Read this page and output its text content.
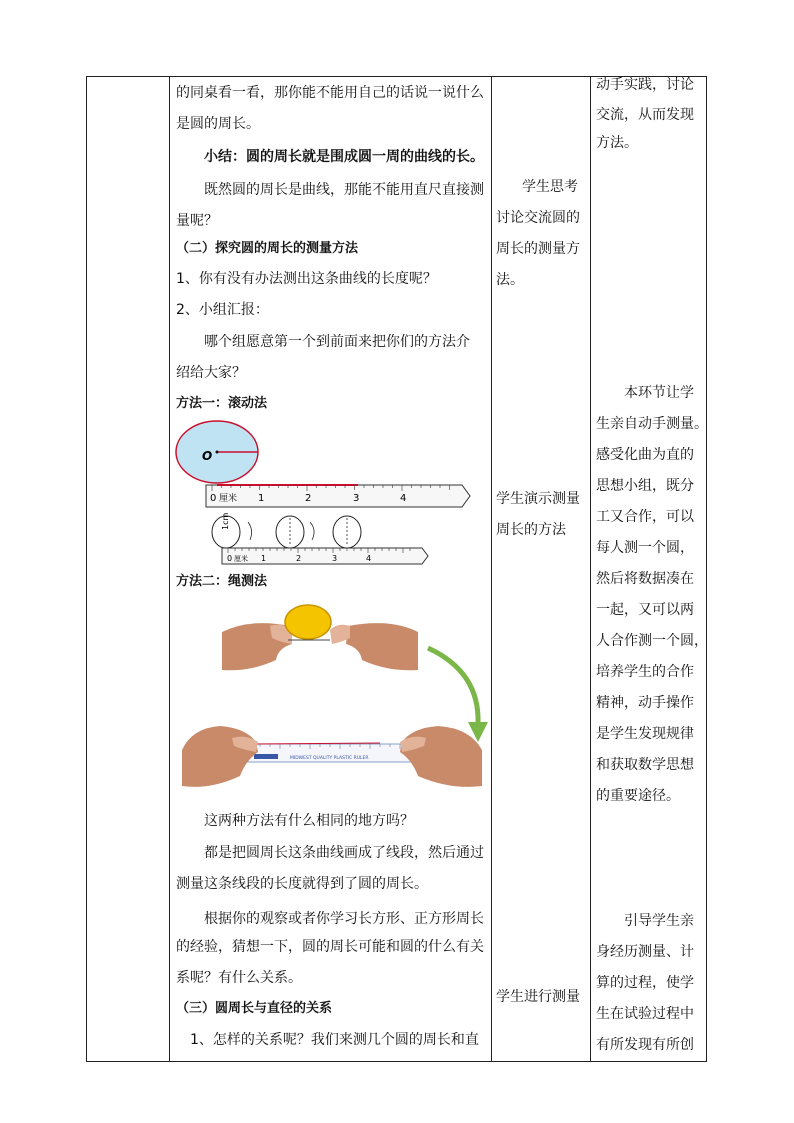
的同桌看一看，那你能不能用自己的话说一说什么

是圆的周长。

小结：圆的周长就是围成圆一周的曲线的长。

既然圆的周长是曲线，那能不能用直尺直接测

量呢？

（二）探究圆的周长的测量方法

1、你有没有办法测出这条曲线的长度呢？

2、小组汇报：

哪个组愿意第一个到前面来把你们的方法介

绍给大家？

方法一：滚动法

O
0 厘米 1	2	3	4
1cm
0 厘米 1	2	3	4

方法二：绳测法

MIDWEST QUALITY PLASTIC RULER

这两种方法有什么相同的地方吗？

都是把圆周长这条曲线画成了线段，然后通过

测量这条线段的长度就得到了圆的周长。

根据你的观察或者你学习长方形、正方形周长

的经验，猜想一下，圆的周长可能和圆的什么有关

系呢？有什么关系。

（三）圆周长与直径的关系

1、怎样的关系呢？我们来测几个圆的周长和直

学生思考
讨论交流圆的
周长的测量方
法。
学生演示测量
周长的方法
学生进行测量
动手实践，讨论
交流，从而发现
方法。
本环节让学
生亲自动手测量。
感受化曲为直的
思想小组，既分
工又合作，可以
每人测一个圆，
然后将数据凑在
一起，又可以两
人合作测一个圆，
培养学生的合作
精神，动手操作
是学生发现规律
和获取数学思想
的重要途径。
引导学生亲
身经历测量、计
算的过程，使学
生在试验过程中
有所发现有所创
